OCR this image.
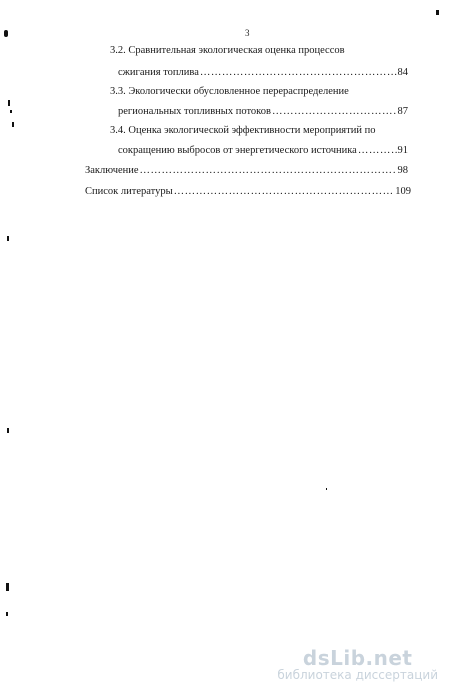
3
3.2. Сравнительная экологическая оценка процессов
сжигания топлива ……………………………………………………………………………………………………………………………	84
3.3. Экологически обусловленное перераспределение
региональных топливных потоков ……………………………………………………………………………………………………………………………	87
3.4. Оценка экологической эффективности мероприятий по
сокращению выбросов от энергетического источника ……………………………………………………………………………………………………………………………	91
Заключение ……………………………………………………………………………………………………………………………	98
Список литературы ……………………………………………………………………………………………………………………………	109
dsLib.net
библиотека диссертаций
